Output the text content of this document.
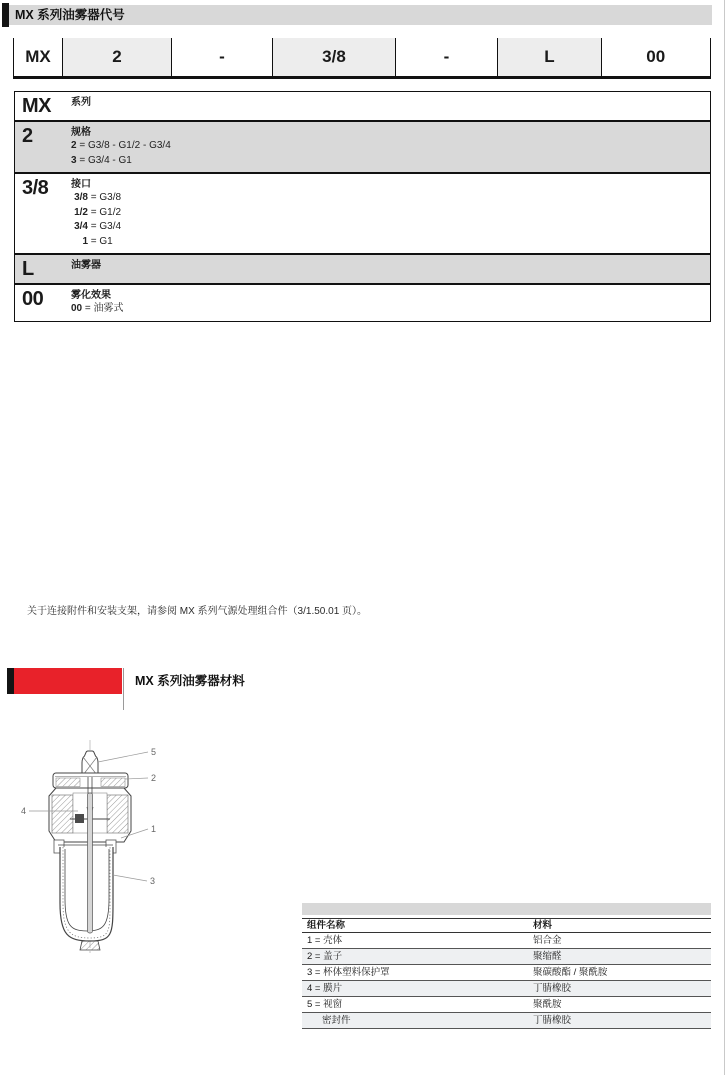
MX 系列油雾器代号
MX	2	-	3/8	-	L	00
MX	系列
2	规格
2 = G3/8 - G1/2 - G3/4
3 = G3/4 - G1
3/8	接口
3/8 = G3/8
1/2 = G1/2
3/4 = G3/4
1 = G1
L	油雾器
00	雾化效果
00 = 油雾式
关于连接附件和安装支架，请参阅 MX 系列气源处理组合件（3/1.50.01 页）。
MX 系列油雾器材料
5
2
4
1
3
组件名称	材料
1 = 壳体	铝合金
2 = 盖子	聚缩醛
3 = 杯体塑料保护罩	聚碳酸酯 / 聚酰胺
4 = 膜片	丁腈橡胶
5 = 视窗	聚酰胺
密封件	丁腈橡胶
